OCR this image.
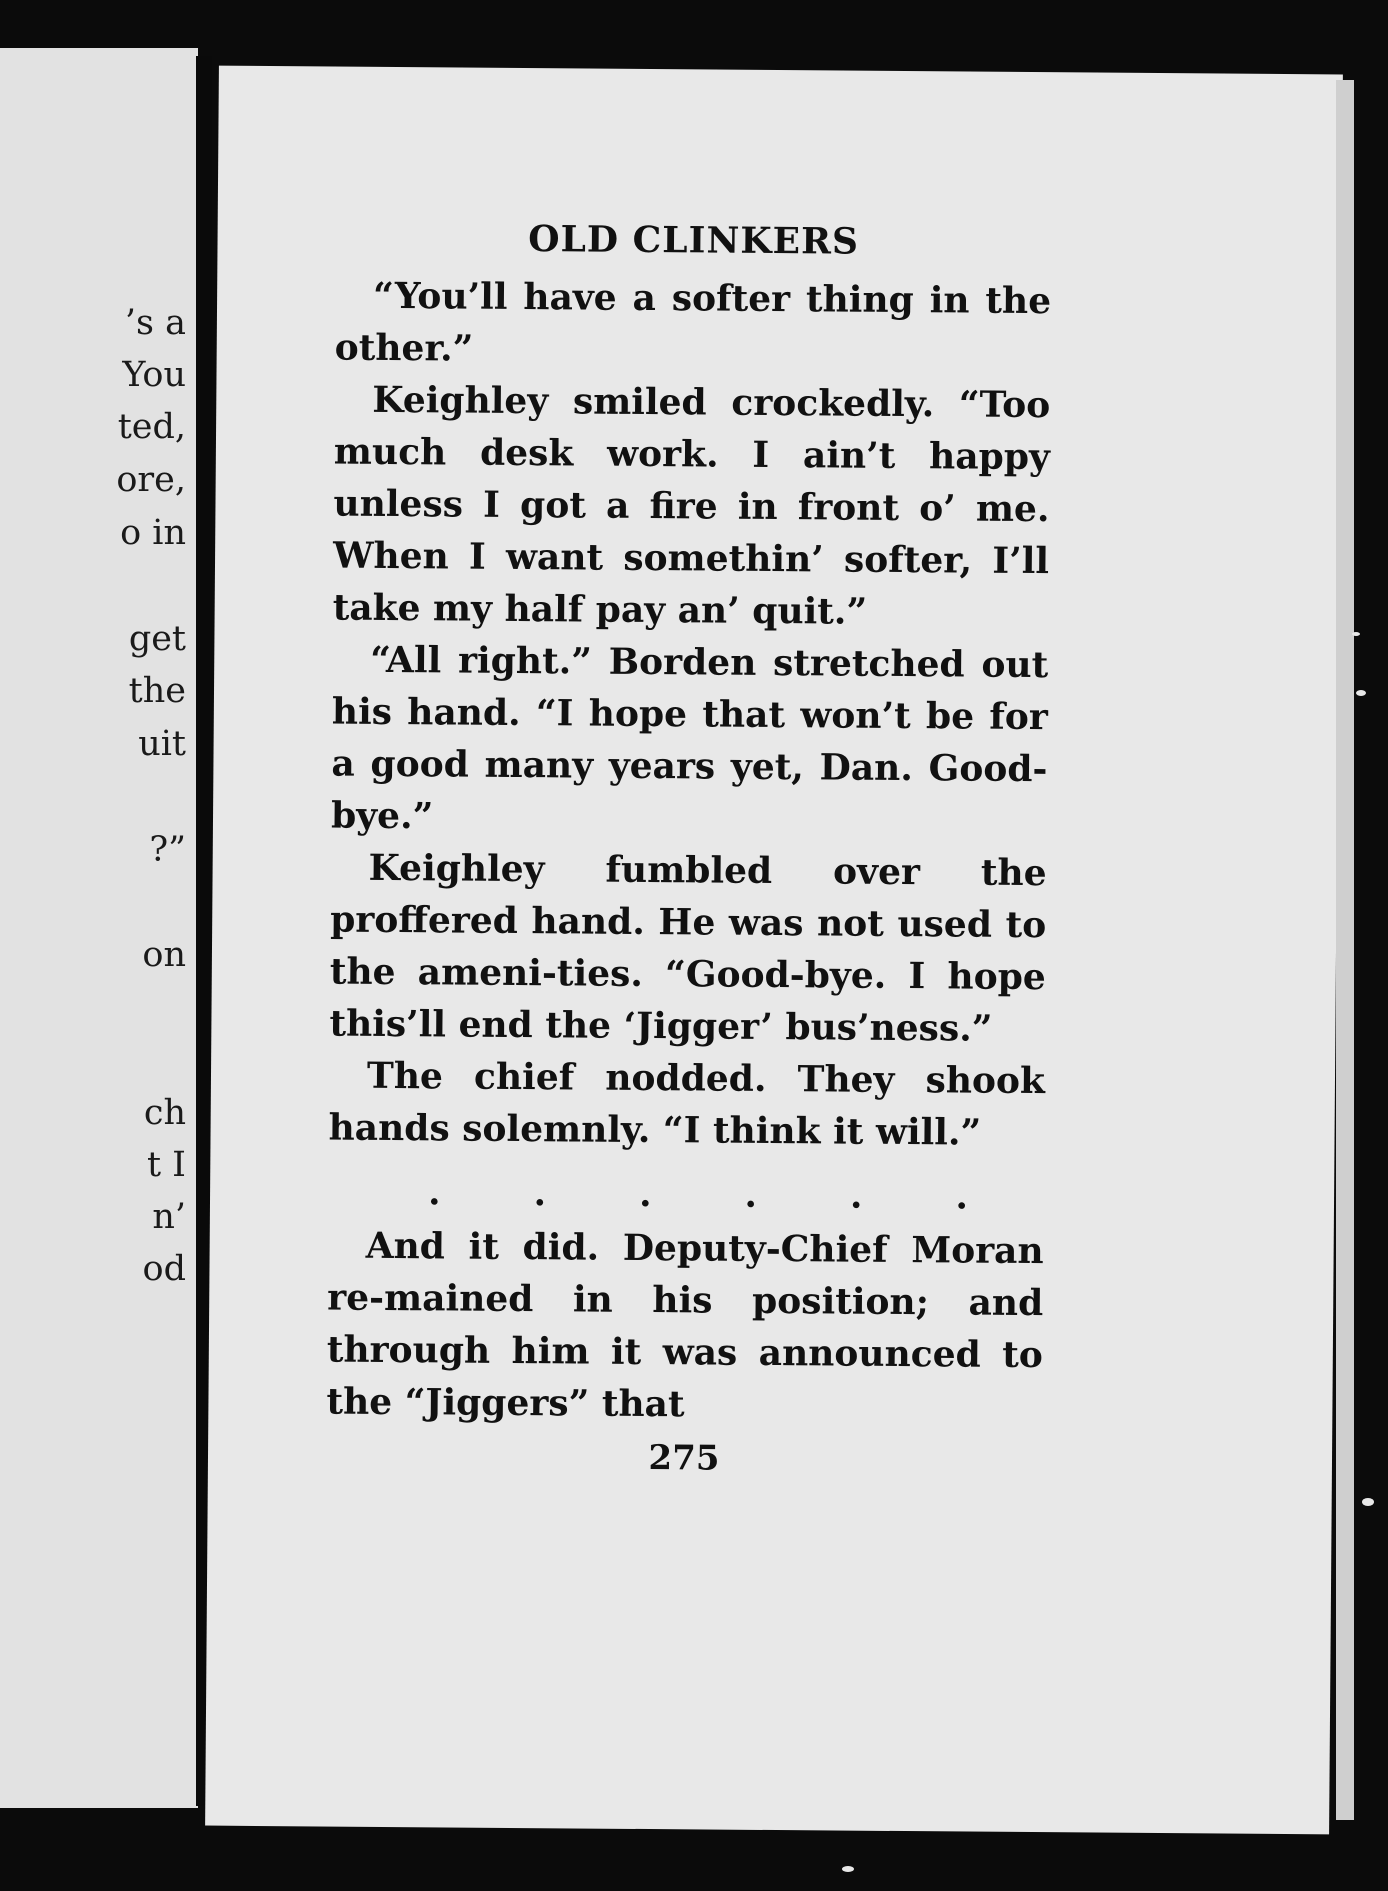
’s a
You
ted,
ore,
o in
get
the
uit
?”
on
ch
t I
n’
od

OLD CLINKERS

“You’ll have a softer thing in the other.”

Keighley smiled crockedly. “Too much desk work. I ain’t happy unless I got a fire in front o’ me. When I want somethin’ softer, I’ll take my half pay an’ quit.”

“All right.” Borden stretched out his hand. “I hope that won’t be for a good many years yet, Dan. Good-bye.”

Keighley fumbled over the proffered hand. He was not used to the ameni-ties. “Good-bye. I hope this’ll end the ‘Jigger’ bus’ness.”

The chief nodded. They shook hands solemnly. “I think it will.”

.	.	.	.	.	.

And it did. Deputy-Chief Moran re-mained in his position; and through him it was announced to the “Jiggers” that

275
